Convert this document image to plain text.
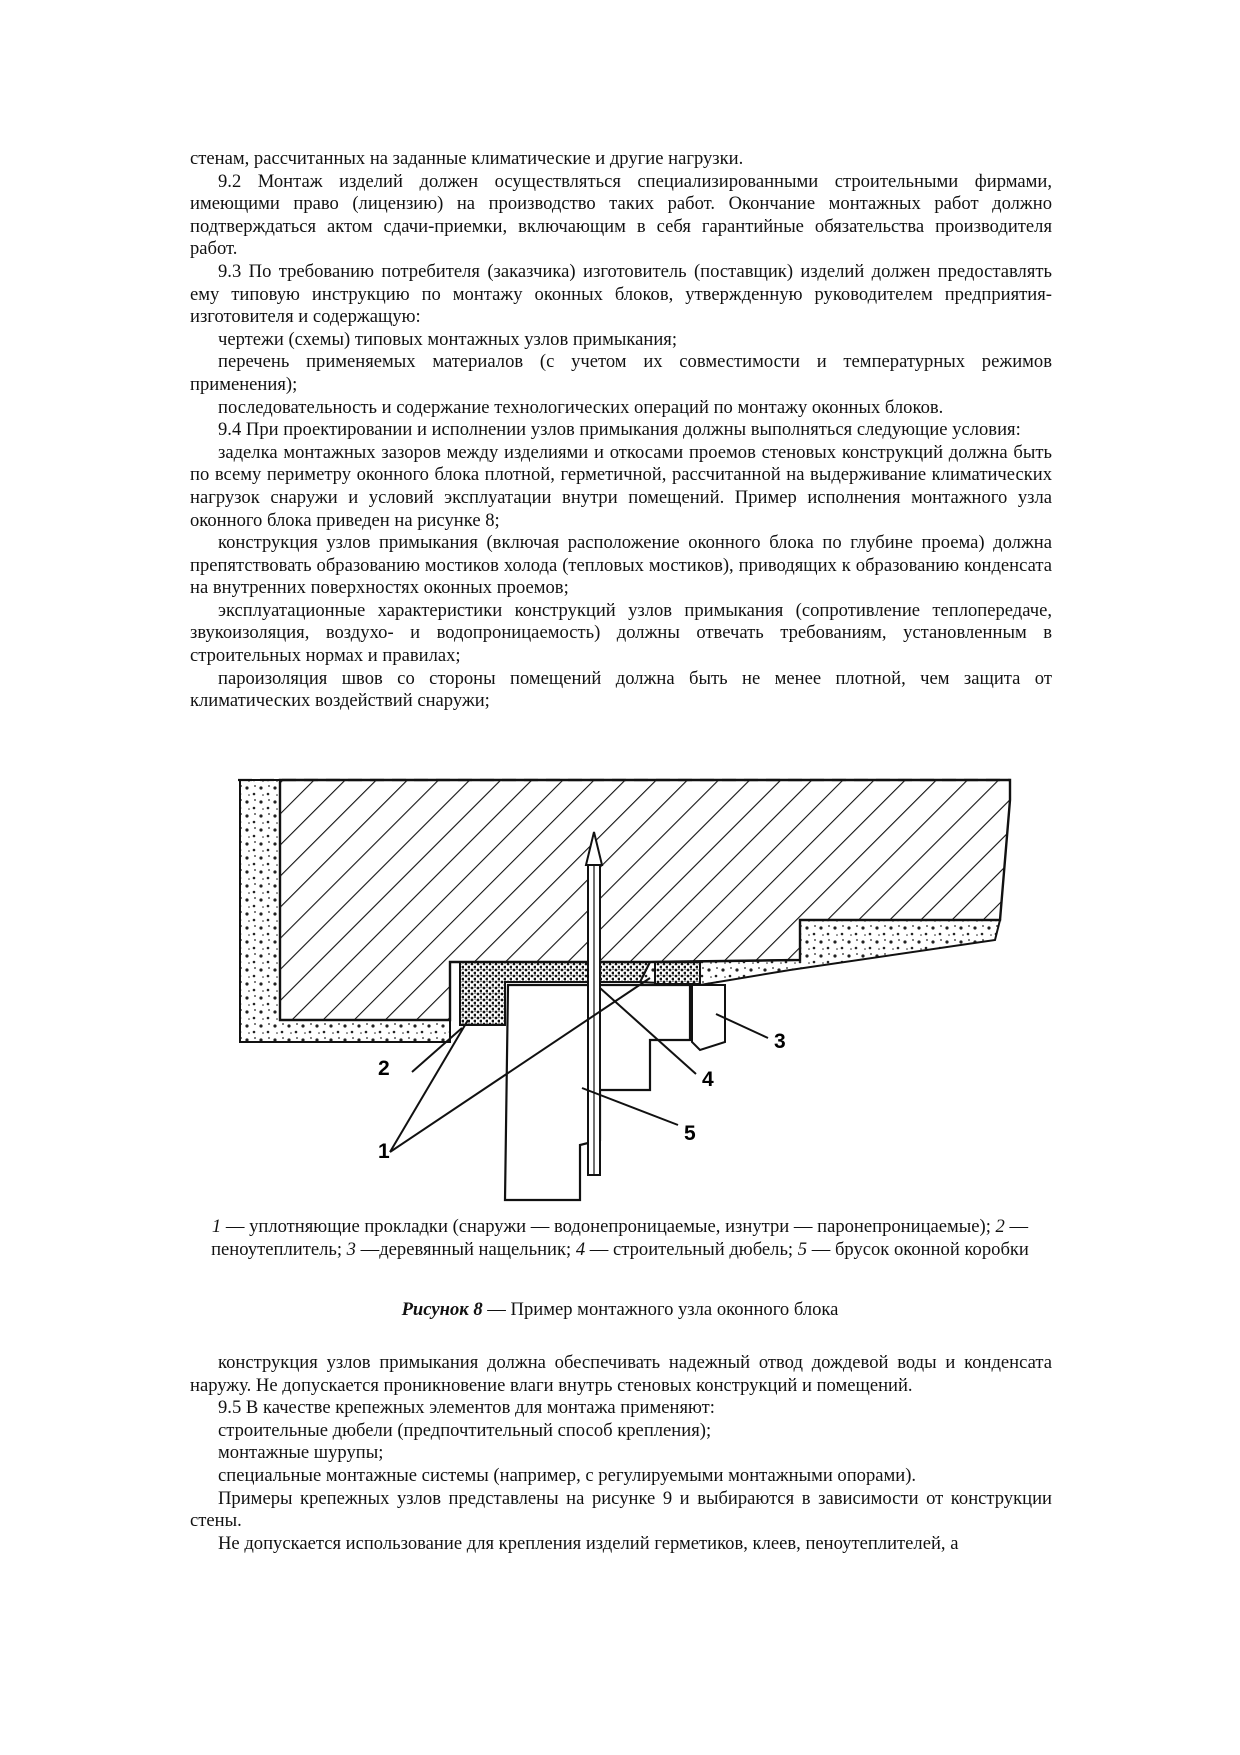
стенам, рассчитанных на заданные климатические и другие нагрузки.

9.2 Монтаж изделий должен осуществляться специализированными строительными фирмами, имеющими право (лицензию) на производство таких работ. Окончание монтажных работ должно подтверждаться актом сдачи-приемки, включающим в себя гарантийные обязательства производителя работ.

9.3 По требованию потребителя (заказчика) изготовитель (поставщик) изделий должен предоставлять ему типовую инструкцию по монтажу оконных блоков, утвержденную руководителем предприятия-изготовителя и содержащую:

чертежи (схемы) типовых монтажных узлов примыкания;

перечень применяемых материалов (с учетом их совместимости и температурных режимов применения);

последовательность и содержание технологических операций по монтажу оконных блоков.

9.4 При проектировании и исполнении узлов примыкания должны выполняться следующие условия:

заделка монтажных зазоров между изделиями и откосами проемов стеновых конструкций должна быть по всему периметру оконного блока плотной, герметичной, рассчитанной на выдерживание климатических нагрузок снаружи и условий эксплуатации внутри помещений. Пример исполнения монтажного узла оконного блока приведен на рисунке 8;

конструкция узлов примыкания (включая расположение оконного блока по глубине проема) должна препятствовать образованию мостиков холода (тепловых мостиков), приводящих к образованию конденсата на внутренних поверхностях оконных проемов;

эксплуатационные характеристики конструкций узлов примыкания (сопротивление теплопередаче, звукоизоляция, воздухо- и водопроницаемость) должны отвечать требованиям, установленным в строительных нормах и правилах;

пароизоляция швов со стороны помещений должна быть не менее плотной, чем защита от климатических воздействий снаружи;

2
1
3
4
5
1 — уплотняющие прокладки (снаружи — водонепроницаемые, изнутри — паронепроницаемые); 2 — пеноутеплитель; 3 —деревянный нащельник; 4 — строительный дюбель; 5 — брусок оконной коробки
Рисунок 8 — Пример монтажного узла оконного блока

конструкция узлов примыкания должна обеспечивать надежный отвод дождевой воды и конденсата наружу. Не допускается проникновение влаги внутрь стеновых конструкций и помещений.

9.5 В качестве крепежных элементов для монтажа применяют:

строительные дюбели (предпочтительный способ крепления);

монтажные шурупы;

специальные монтажные системы (например, с регулируемыми монтажными опорами).

Примеры крепежных узлов представлены на рисунке 9 и выбираются в зависимости от конструкции стены.

Не допускается использование для крепления изделий герметиков, клеев, пеноутеплителей, а
